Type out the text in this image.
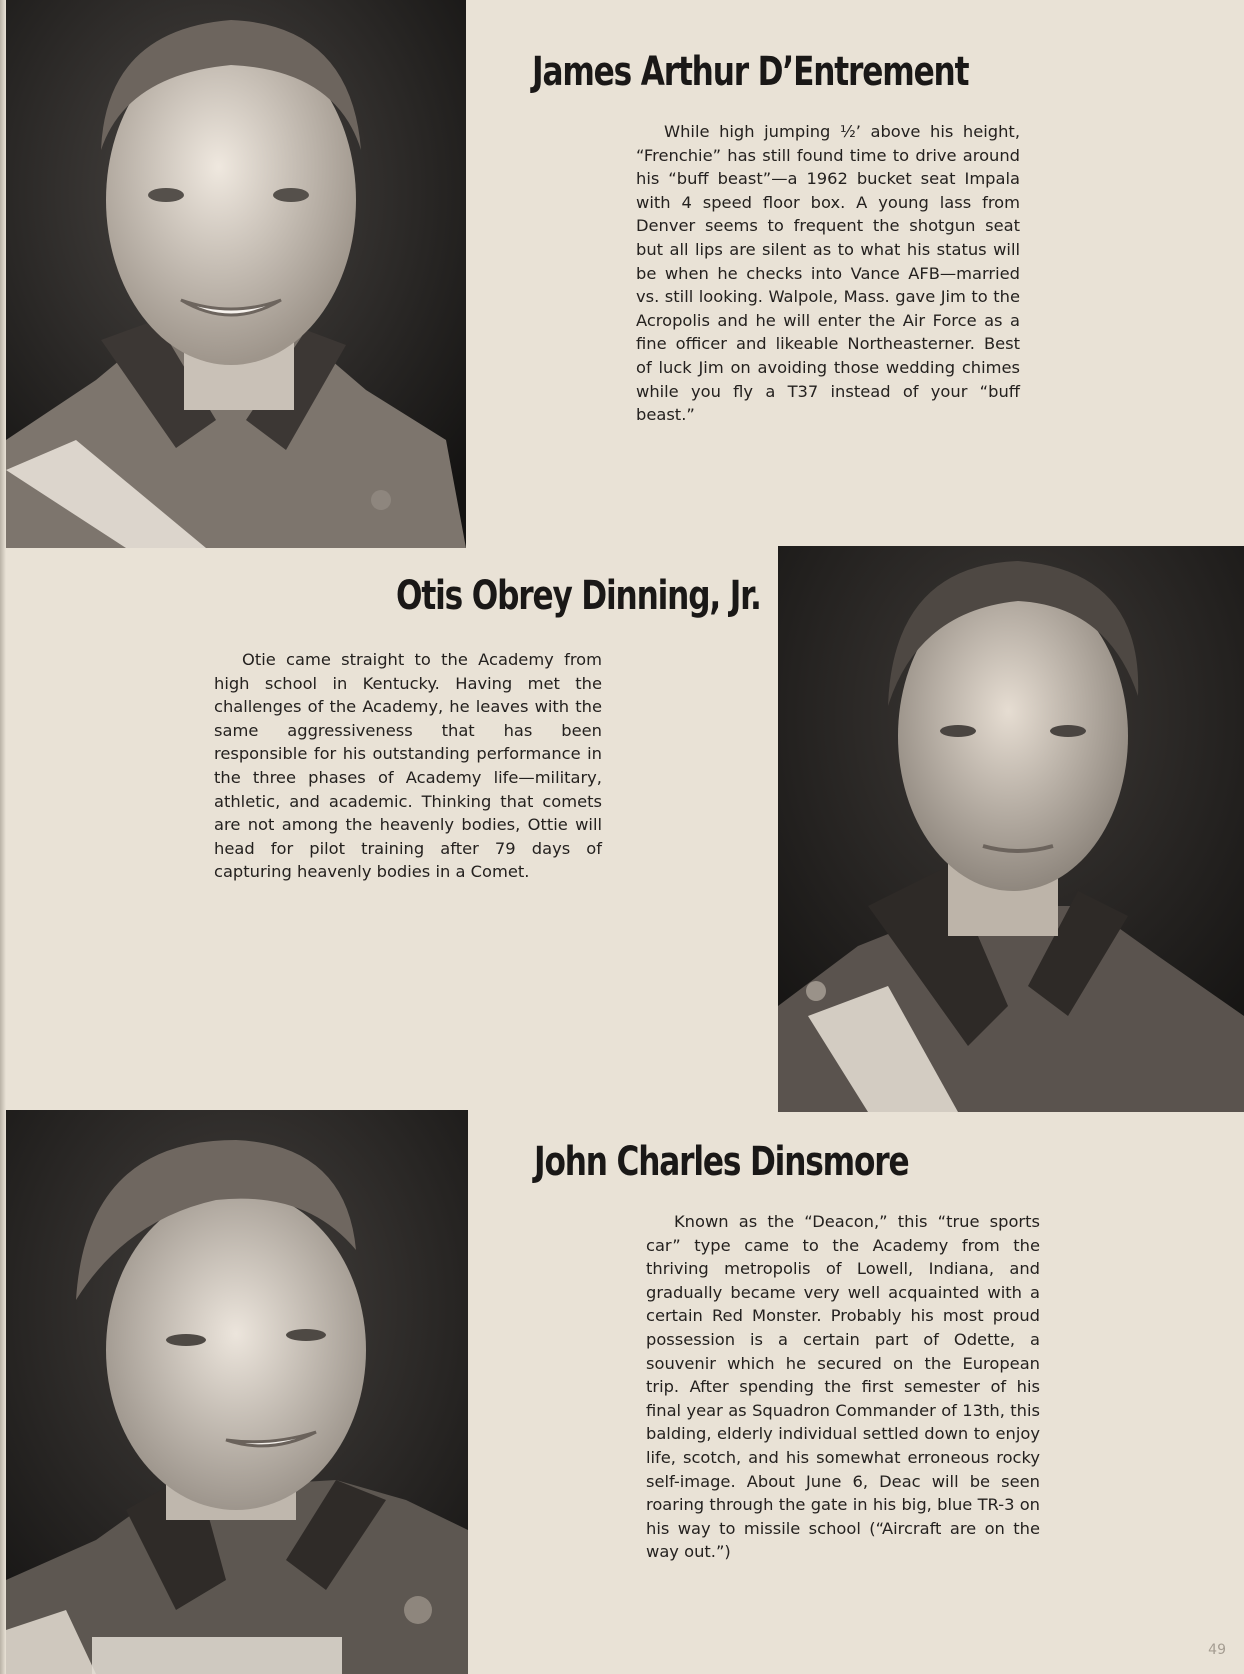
James Arthur D’Entrement

While high jumping ½’ above his height, “Frenchie” has still found time to drive around his “buff beast”—a 1962 bucket seat Impala with 4 speed floor box. A young lass from Denver seems to frequent the shotgun seat but all lips are silent as to what his status will be when he checks into Vance AFB—married vs. still looking. Walpole, Mass. gave Jim to the Acropolis and he will enter the Air Force as a fine officer and likeable Northeasterner. Best of luck Jim on avoiding those wedding chimes while you fly a T37 instead of your “buff beast.”

Otis Obrey Dinning, Jr.

Otie came straight to the Academy from high school in Kentucky. Having met the challenges of the Academy, he leaves with the same aggressiveness that has been responsible for his outstanding performance in the three phases of Academy life—military, athletic, and academic. Thinking that comets are not among the heavenly bodies, Ottie will head for pilot training after 79 days of capturing heavenly bodies in a Comet.

John Charles Dinsmore

Known as the “Deacon,” this “true sports car” type came to the Academy from the thriving metropolis of Lowell, Indiana, and gradually became very well acquainted with a certain Red Monster. Probably his most proud possession is a certain part of Odette, a souvenir which he secured on the European trip. After spending the first semester of his final year as Squadron Commander of 13th, this balding, elderly individual settled down to enjoy life, scotch, and his somewhat erroneous rocky self-image. About June 6, Deac will be seen roaring through the gate in his big, blue TR-3 on his way to missile school (“Aircraft are on the way out.”)

49
